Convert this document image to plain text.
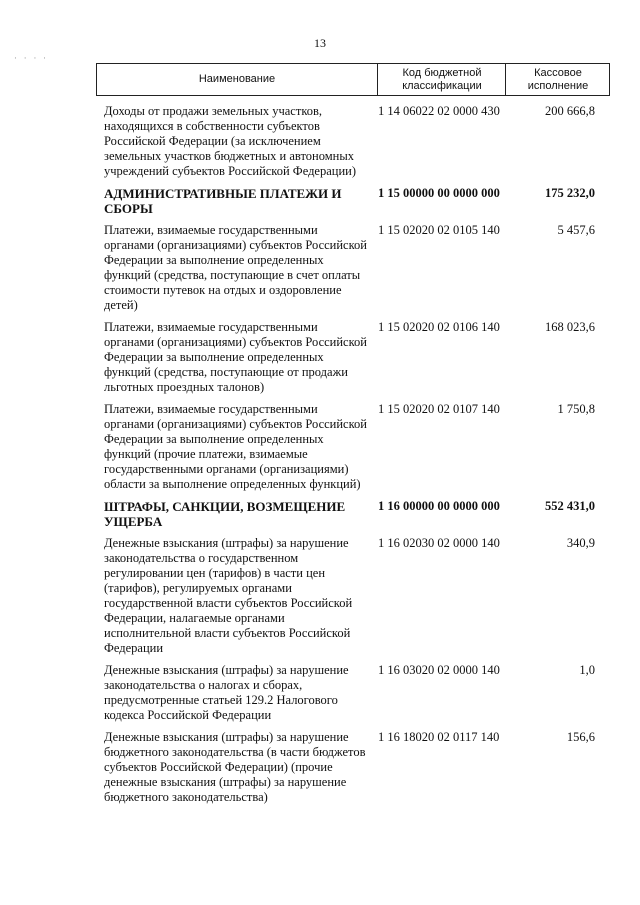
13
· · · ·
Наименование
Код бюджетной классификации
Кассовое исполнение
Доходы от продажи земельных участков, находящихся в собственности субъектов Российской Федерации (за исключением земельных участков бюджетных и автономных учреждений субъектов Российской Федерации)
1 14 06022 02 0000 430	200 666,8
АДМИНИСТРАТИВНЫЕ ПЛАТЕЖИ И СБОРЫ
1 15 00000 00 0000 000	175 232,0
Платежи, взимаемые государственными органами (организациями) субъектов Российской Федерации за выполнение определенных функций (средства, поступающие в счет оплаты стоимости путевок на отдых и оздоровление детей)
1 15 02020 02 0105 140	5 457,6
Платежи, взимаемые государственными органами (организациями) субъектов Российской Федерации за выполнение определенных функций (средства, поступающие от продажи льготных проездных талонов)
1 15 02020 02 0106 140	168 023,6
Платежи, взимаемые государственными органами (организациями) субъектов Российской Федерации за выполнение определенных функций (прочие платежи, взимаемые государственными органами (организациями) области за выполнение определенных функций)
1 15 02020 02 0107 140	1 750,8
ШТРАФЫ, САНКЦИИ, ВОЗМЕЩЕНИЕ УЩЕРБА
1 16 00000 00 0000 000	552 431,0
Денежные взыскания (штрафы) за нарушение законодательства о государственном регулировании цен (тарифов) в части цен (тарифов), регулируемых органами государственной власти субъектов Российской Федерации, налагаемые органами исполнительной власти субъектов Российской Федерации
1 16 02030 02 0000 140	340,9
Денежные взыскания (штрафы) за нарушение законодательства о налогах и сборах, предусмотренные статьей 129.2 Налогового кодекса Российской Федерации
1 16 03020 02 0000 140	1,0
Денежные взыскания (штрафы) за нарушение бюджетного законодательства (в части бюджетов субъектов Российской Федерации) (прочие денежные взыскания (штрафы) за нарушение бюджетного законодательства)
1 16 18020 02 0117 140	156,6
